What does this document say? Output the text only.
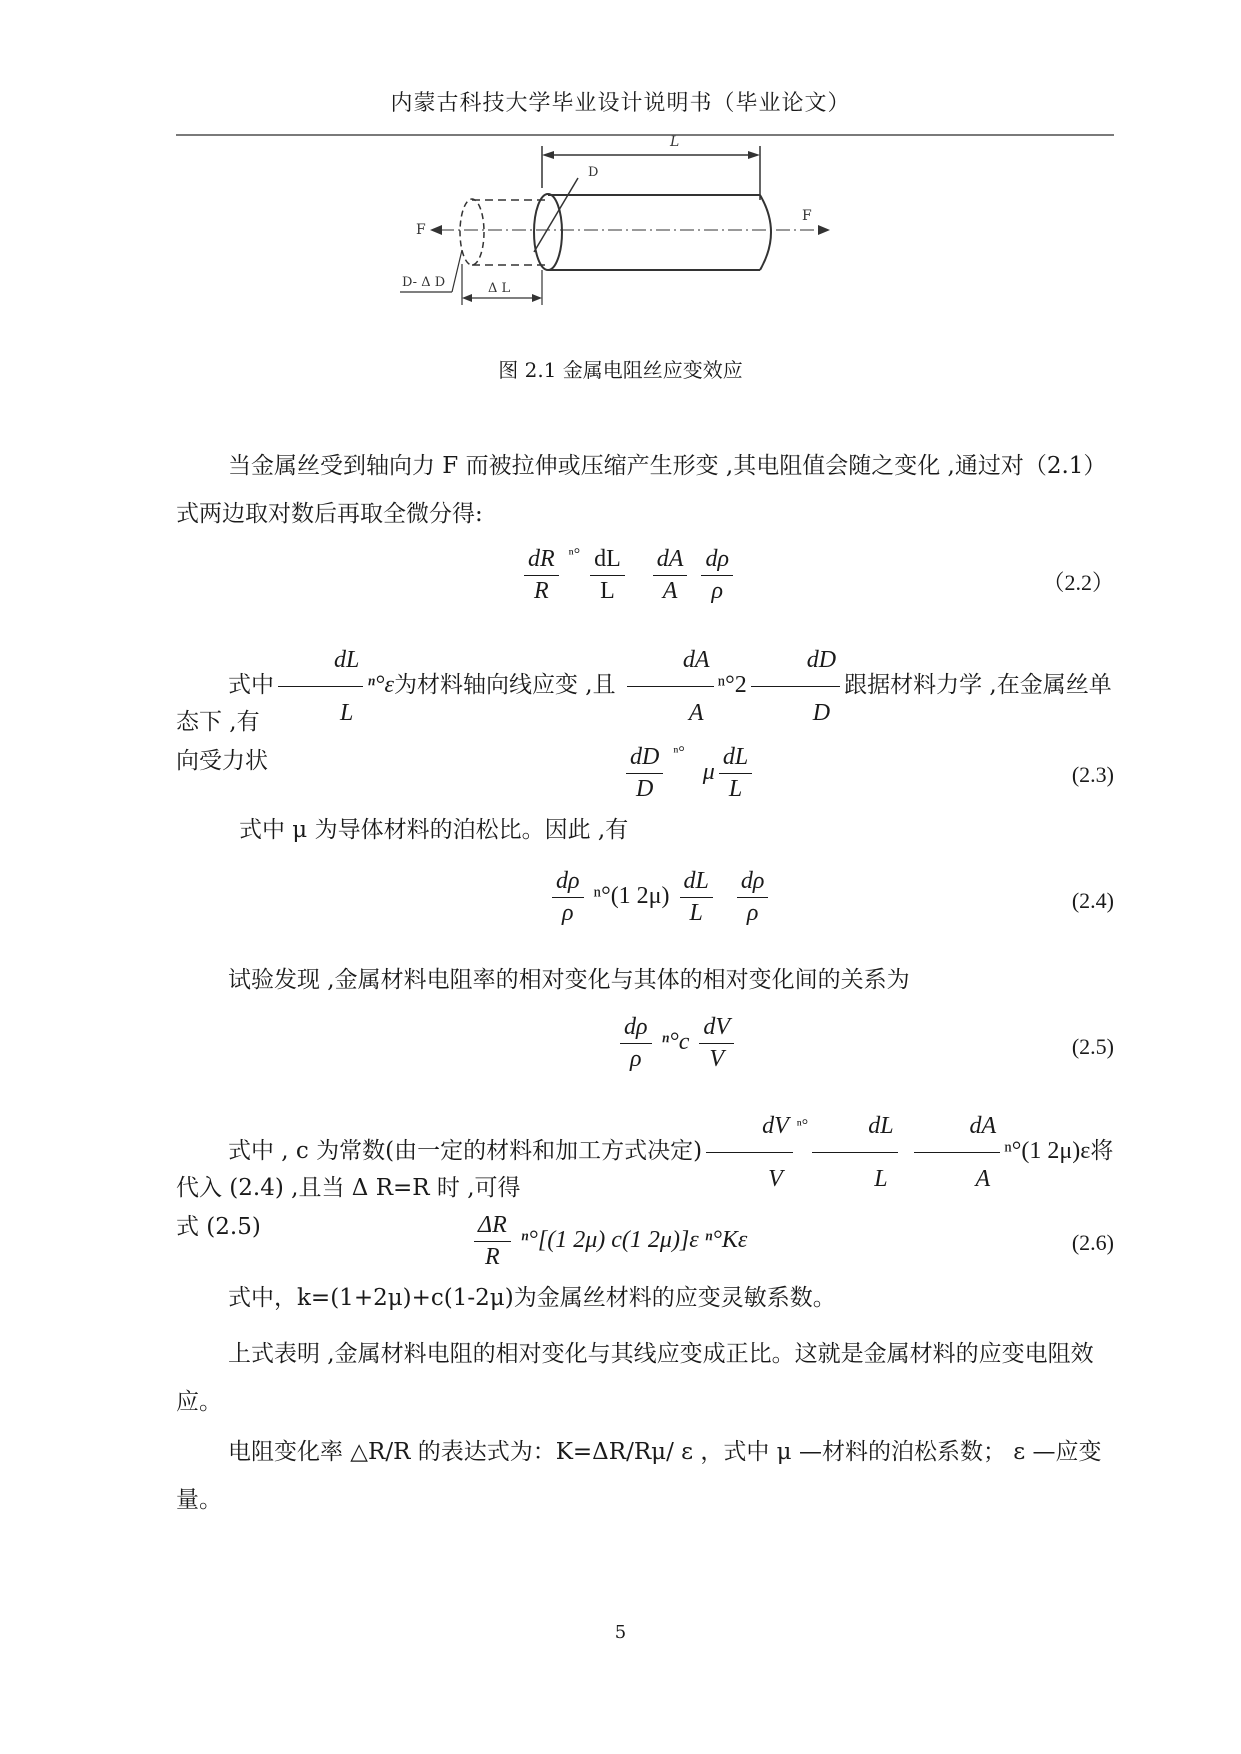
内蒙古科技大学毕业设计说明书（毕业论文）
L
F
F
D
D- Δ D	Δ L
图 2.1 金属电阻丝应变效应
当金属丝受到轴向力 F 而被拉伸或压缩产生形变 ,其电阻值会随之变化 ,通过对（2.1）式两边取对数后再取全微分得:
$\frac{dR}{R} ^{^n^\circ} \frac{dL}{L}$
$\frac{dA}{A}$
$\frac{d\rho}{\rho}$	（2.2）
式中 $\frac{dL}{L} ^n^\circ\varepsilon$为材料轴向线应变 ,且 $\frac{dA}{A} ^n^\circ 2 \frac{dD}{D}$ 跟据材料力学 ,在金属丝单向受力状
态下 ,有
$\frac{dD}{D} ^{^n^\circ}$ μ $\frac{dL}{L}$	(2.3)
式中 μ 为导体材料的泊松比。因此 ,有
$\frac{d\rho}{\rho} ^n^\circ(1$ $2\mu) \frac{dL}{L}$
$\frac{d\rho}{\rho}$	(2.4)
试验发现 ,金属材料电阻率的相对变化与其体的相对变化间的关系为
$\frac{d\rho}{\rho} ^n^\circ c \frac{dV}{V}$	(2.5)
式中 , c 为常数(由一定的材料和加工方式决定) $\frac{dV}{V} ^{^n^\circ} \frac{dL}{L} \frac{dA}{A} ^n^\circ(1$ 2μ)ε将式 (2.5)
代入 (2.4) ,且当 Δ R=R 时 ,可得
$\frac{\Delta R}{R} ^n^\circ[(1$ 2μ) c(1 2μ)]ε ⁿ°Kε	(2.6)
式中，k=(1+2μ)+c(1-2μ)为金属丝材料的应变灵敏系数。
上式表明 ,金属材料电阻的相对变化与其线应变成正比。这就是金属材料的应变电阻效应。
电阻变化率 △R/R 的表达式为：K=ΔR/Rμ/ ε ，式中 μ —材料的泊松系数； ε —应变量。
5
